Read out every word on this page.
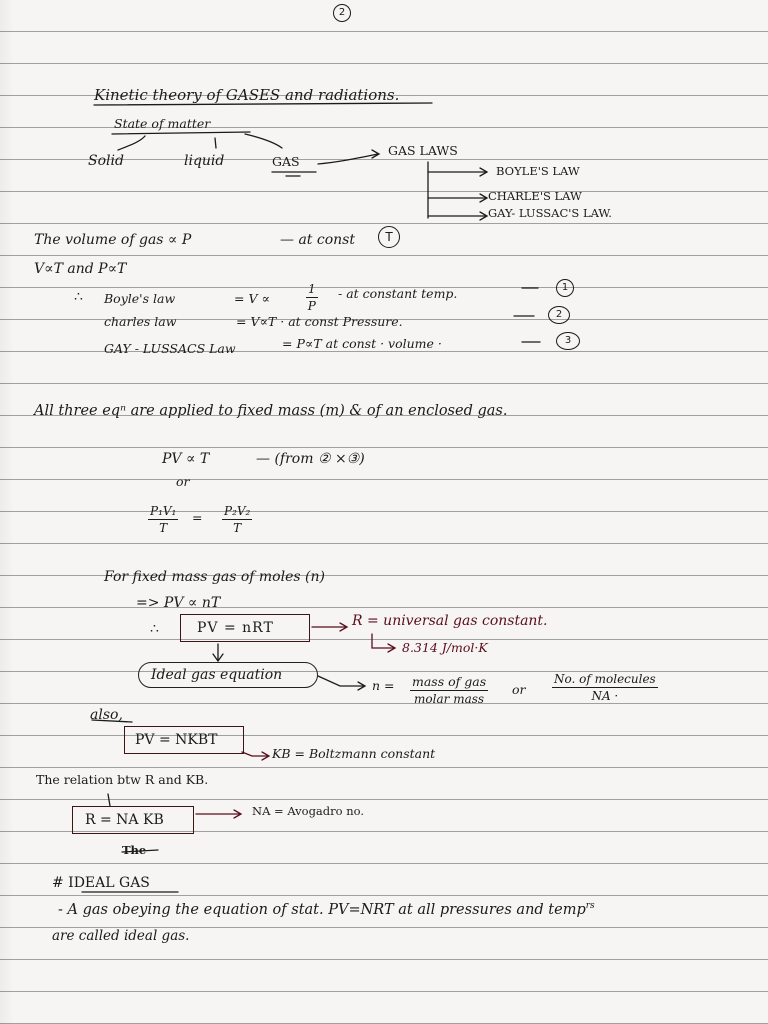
2
Kinetic theory of GASES and radiations.
State of matter
Solid	liquid	GAS
GAS LAWS
BOYLE'S LAW
CHARLE'S LAW
GAY- LUSSAC'S LAW.
The volume of gas ∝ P	— at const	T
V∝T and P∝T
∴ Boyle's law	= V ∝	$\frac{1}{P}$ - at constant temp.	1
charles law	= V∝T · at const Pressure.	2
GAY - LUSSACS Law	= P∝T at const · volume ·	3
All three eqⁿ are applied to fixed mass (m) & of an enclosed gas.
PV ∝ T	— (from ② ×③)
or
$\frac{\text{P₁V₁}}{T} = \frac{\text{P₂V₂}}{T}$
For fixed mass gas of moles (n)
=> PV ∝ nT
∴	PV = nRT	R = universal gas constant.
8.314 J/mol·K
Ideal gas equation
n = mass of gas
molar mass
or
No. of molecules
NA ·
also,
PV = NKBT
KB = Boltzmann constant
The relation btw R and KB.
R = NA KB
NA = Avogadro no.
The
# IDEAL GAS
- A gas obeying the equation of stat. PV=NRT at all pressures and temp$^{rs}$
are called ideal gas.
